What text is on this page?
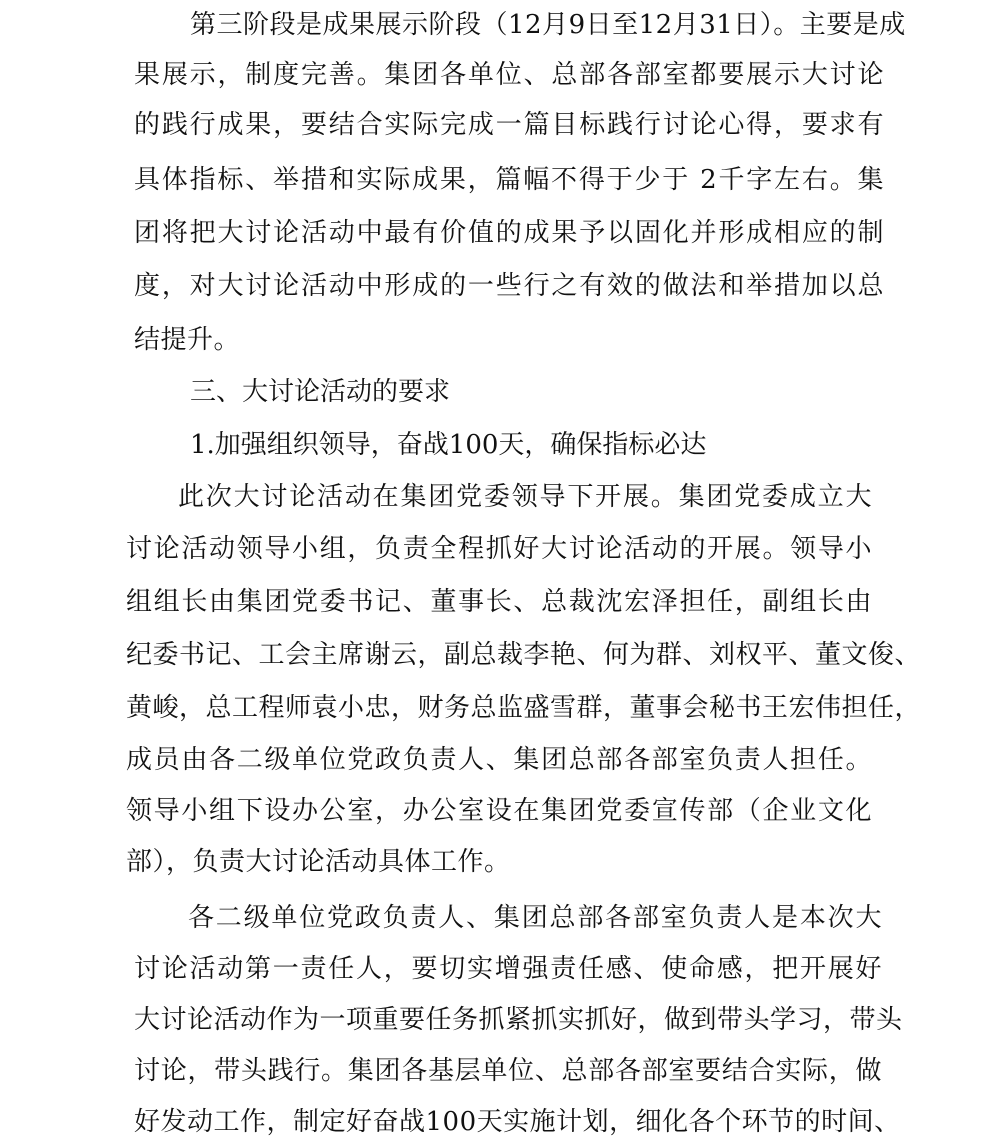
第三阶段是成果展示阶段（12月9日至12月31日）。主要是成
果展示，制度完善。集团各单位、总部各部室都要展示大讨论
的践行成果，要结合实际完成一篇目标践行讨论心得，要求有
具体指标、举措和实际成果，篇幅不得于少于 2千字左右。集
团将把大讨论活动中最有价值的成果予以固化并形成相应的制
度，对大讨论活动中形成的一些行之有效的做法和举措加以总
结提升。
三、大讨论活动的要求
1.加强组织领导，奋战100天，确保指标必达
此次大讨论活动在集团党委领导下开展。集团党委成立大
讨论活动领导小组，负责全程抓好大讨论活动的开展。领导小
组组长由集团党委书记、董事长、总裁沈宏泽担任，副组长由
纪委书记、工会主席谢云，副总裁李艳、何为群、刘权平、董文俊、
黄峻，总工程师袁小忠，财务总监盛雪群，董事会秘书王宏伟担任，
成员由各二级单位党政负责人、集团总部各部室负责人担任。
领导小组下设办公室，办公室设在集团党委宣传部（企业文化
部），负责大讨论活动具体工作。
各二级单位党政负责人、集团总部各部室负责人是本次大
讨论活动第一责任人，要切实增强责任感、使命感，把开展好
大讨论活动作为一项重要任务抓紧抓实抓好，做到带头学习，带头
讨论，带头践行。集团各基层单位、总部各部室要结合实际，做
好发动工作，制定好奋战100天实施计划，细化各个环节的时间、
